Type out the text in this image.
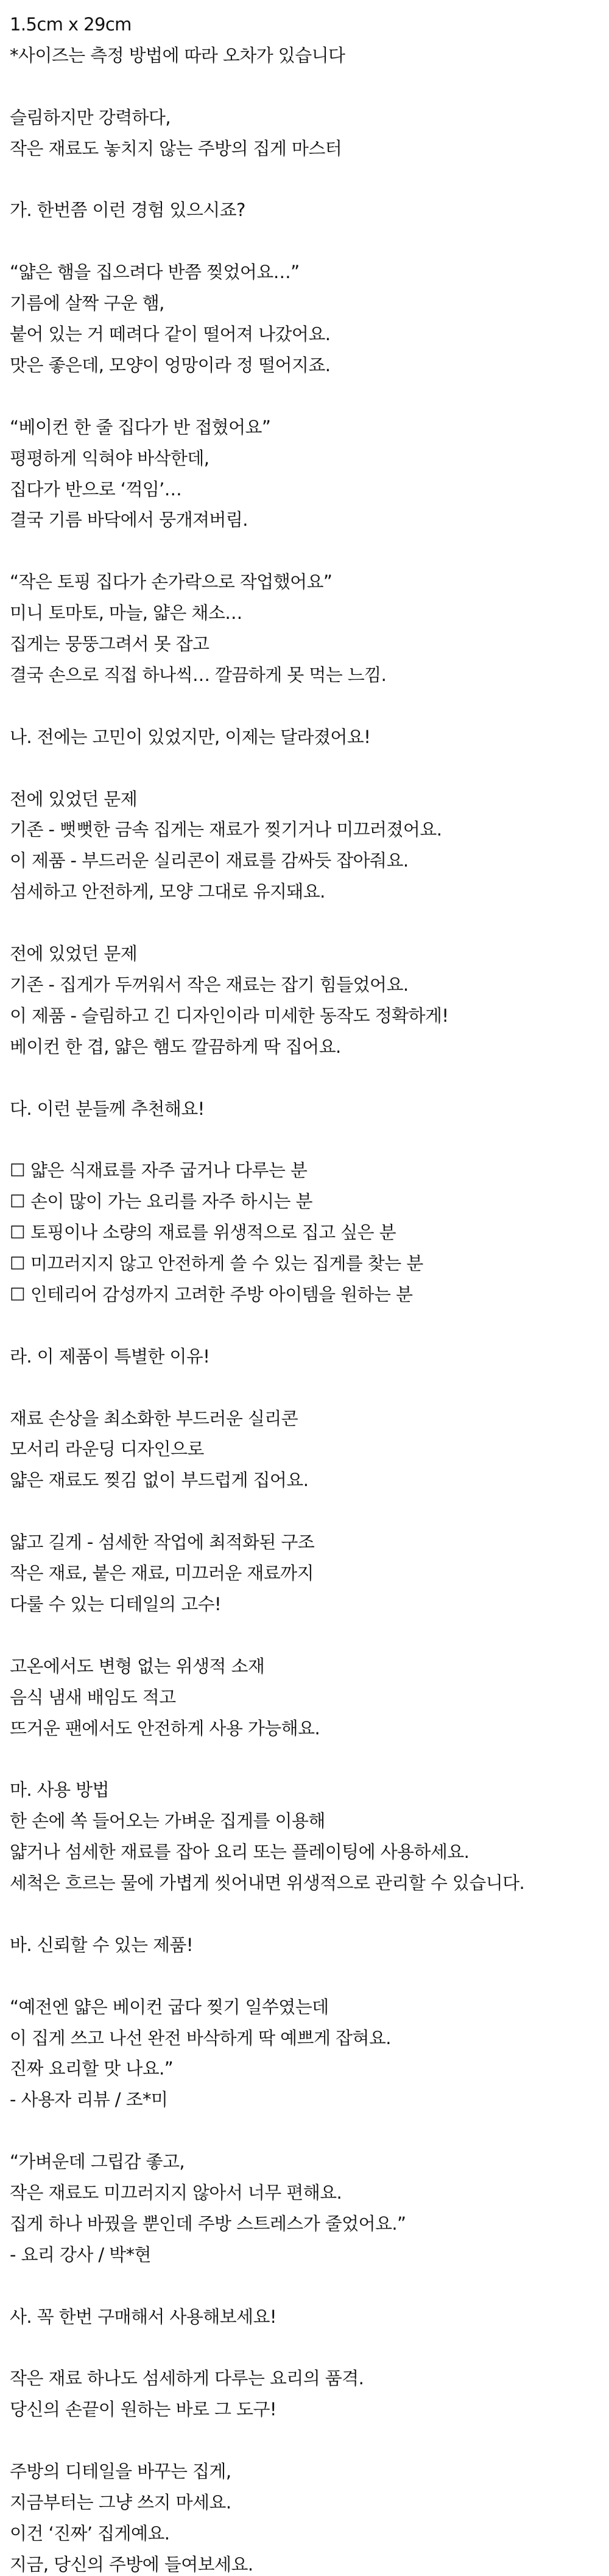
1.5cm x 29cm

*사이즈는 측정 방법에 따라 오차가 있습니다

슬림하지만 강력하다,

작은 재료도 놓치지 않는 주방의 집게 마스터

가. 한번쯤 이런 경험 있으시죠?

“얇은 햄을 집으려다 반쯤 찢었어요…”

기름에 살짝 구운 햄,

붙어 있는 거 떼려다 같이 떨어져 나갔어요.

맛은 좋은데, 모양이 엉망이라 정 떨어지죠.

“베이컨 한 줄 집다가 반 접혔어요”

평평하게 익혀야 바삭한데,

집다가 반으로 ‘꺽임’…

결국 기름 바닥에서 뭉개져버림.

“작은 토핑 집다가 손가락으로 작업했어요”

미니 토마토, 마늘, 얇은 채소…

집게는 뭉뚱그려서 못 잡고

결국 손으로 직접 하나씩… 깔끔하게 못 먹는 느낌.

나. 전에는 고민이 있었지만, 이제는 달라졌어요!

전에 있었던 문제

기존 - 뻣뻣한 금속 집게는 재료가 찢기거나 미끄러졌어요.

이 제품 - 부드러운 실리콘이 재료를 감싸듯 잡아줘요.

섬세하고 안전하게, 모양 그대로 유지돼요.

전에 있었던 문제

기존 - 집게가 두꺼워서 작은 재료는 잡기 힘들었어요.

이 제품 - 슬림하고 긴 디자인이라 미세한 동작도 정확하게!

베이컨 한 겹, 얇은 햄도 깔끔하게 딱 집어요.

다. 이런 분들께 추천해요!

☐ 얇은 식재료를 자주 굽거나 다루는 분

☐ 손이 많이 가는 요리를 자주 하시는 분

☐ 토핑이나 소량의 재료를 위생적으로 집고 싶은 분

☐ 미끄러지지 않고 안전하게 쓸 수 있는 집게를 찾는 분

☐ 인테리어 감성까지 고려한 주방 아이템을 원하는 분

라. 이 제품이 특별한 이유!

재료 손상을 최소화한 부드러운 실리콘

모서리 라운딩 디자인으로

얇은 재료도 찢김 없이 부드럽게 집어요.

얇고 길게 - 섬세한 작업에 최적화된 구조

작은 재료, 붙은 재료, 미끄러운 재료까지

다룰 수 있는 디테일의 고수!

고온에서도 변형 없는 위생적 소재

음식 냄새 배임도 적고

뜨거운 팬에서도 안전하게 사용 가능해요.

마. 사용 방법

한 손에 쏙 들어오는 가벼운 집게를 이용해

얇거나 섬세한 재료를 잡아 요리 또는 플레이팅에 사용하세요.

세척은 흐르는 물에 가볍게 씻어내면 위생적으로 관리할 수 있습니다.

바. 신뢰할 수 있는 제품!

“예전엔 얇은 베이컨 굽다 찢기 일쑤였는데

이 집게 쓰고 나선 완전 바삭하게 딱 예쁘게 잡혀요.

진짜 요리할 맛 나요.”

- 사용자 리뷰 / 조*미

“가벼운데 그립감 좋고,

작은 재료도 미끄러지지 않아서 너무 편해요.

집게 하나 바꿨을 뿐인데 주방 스트레스가 줄었어요.”

- 요리 강사 / 박*현

사. 꼭 한번 구매해서 사용해보세요!

작은 재료 하나도 섬세하게 다루는 요리의 품격.

당신의 손끝이 원하는 바로 그 도구!

주방의 디테일을 바꾸는 집게,

지금부터는 그냥 쓰지 마세요.

이건 ‘진짜’ 집게예요.

지금, 당신의 주방에 들여보세요.
